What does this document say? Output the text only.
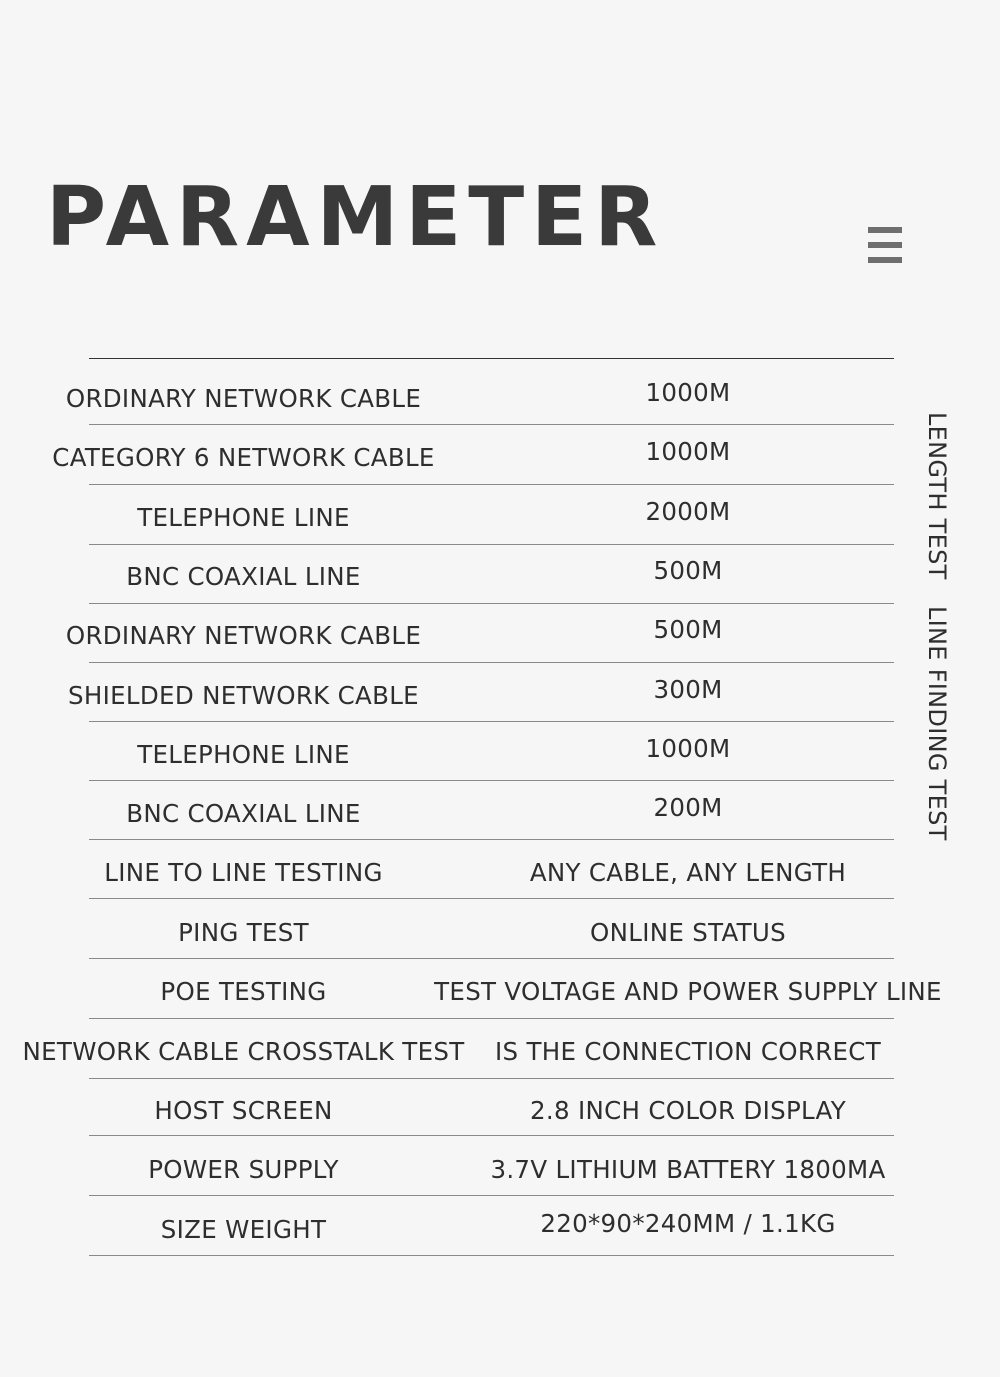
PARAMETER
ORDINARY NETWORK CABLE	1000M
CATEGORY 6 NETWORK CABLE	1000M
TELEPHONE LINE	2000M
BNC COAXIAL LINE	500M
ORDINARY NETWORK CABLE	500M
SHIELDED NETWORK CABLE	300M
TELEPHONE LINE	1000M
BNC COAXIAL LINE	200M
LINE TO LINE TESTING	ANY CABLE, ANY LENGTH
PING TEST	ONLINE STATUS
POE TESTING	TEST VOLTAGE AND POWER SUPPLY LINE
NETWORK CABLE CROSSTALK TEST	IS THE CONNECTION CORRECT
HOST SCREEN	2.8 INCH COLOR DISPLAY
POWER SUPPLY	3.7V LITHIUM BATTERY 1800MA
SIZE WEIGHT	220*90*240MM / 1.1KG
LENGTH TEST
LINE FINDING TEST
